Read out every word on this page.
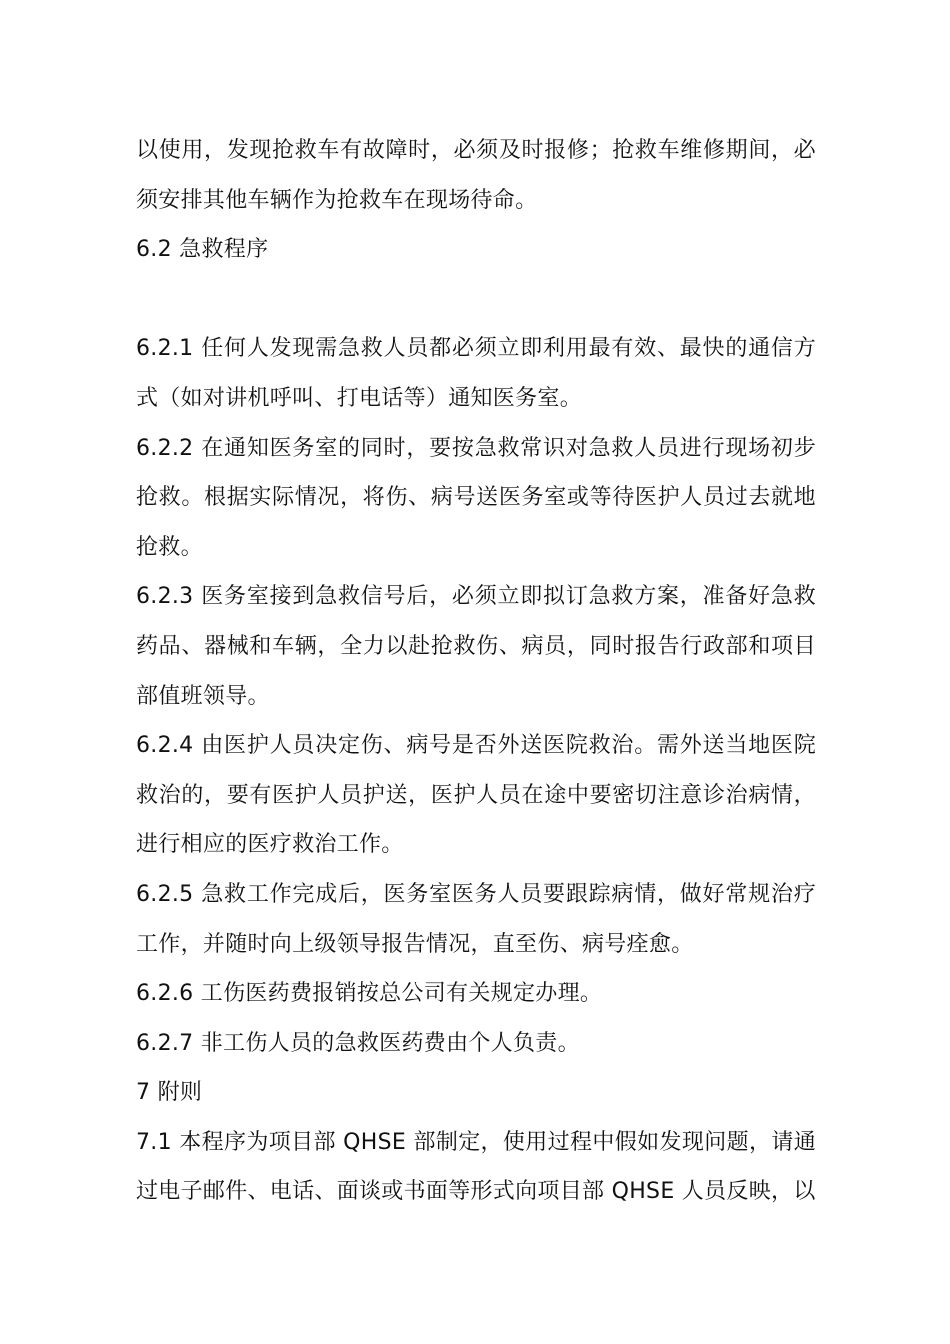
以使用，发现抢救车有故障时，必须及时报修；抢救车维修期间，必须安排其他车辆作为抢救车在现场待命。

6.2 急救程序

6.2.1 任何人发现需急救人员都必须立即利用最有效、最快的通信方式（如对讲机呼叫、打电话等）通知医务室。

6.2.2 在通知医务室的同时，要按急救常识对急救人员进行现场初步抢救。根据实际情况，将伤、病号送医务室或等待医护人员过去就地抢救。

6.2.3 医务室接到急救信号后，必须立即拟订急救方案，准备好急救药品、器械和车辆，全力以赴抢救伤、病员，同时报告行政部和项目部值班领导。

6.2.4 由医护人员决定伤、病号是否外送医院救治。需外送当地医院救治的，要有医护人员护送，医护人员在途中要密切注意诊治病情，进行相应的医疗救治工作。

6.2.5 急救工作完成后，医务室医务人员要跟踪病情，做好常规治疗工作，并随时向上级领导报告情况，直至伤、病号痊愈。

6.2.6 工伤医药费报销按总公司有关规定办理。

6.2.7 非工伤人员的急救医药费由个人负责。

7 附则

7.1 本程序为项目部 QHSE 部制定，使用过程中假如发现问题，请通过电子邮件、电话、面谈或书面等形式向项目部 QHSE 人员反映，以
